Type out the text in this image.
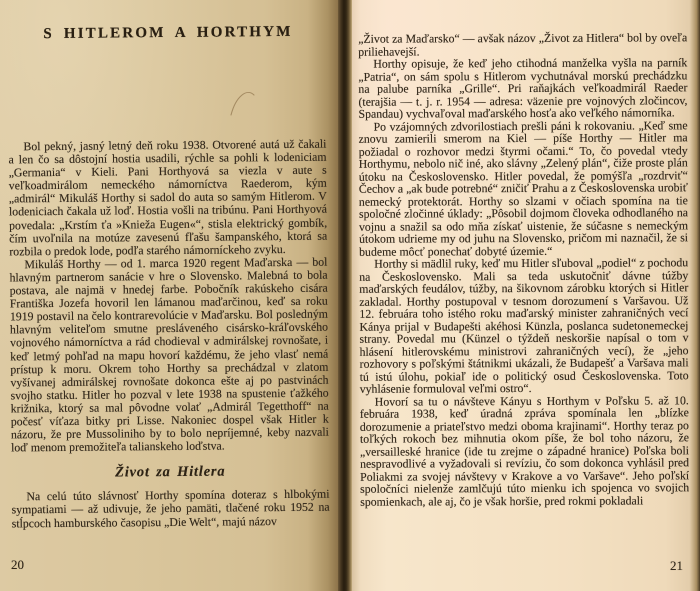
S HITLEROM A HORTHYM

Bol pekný, jasný letný deň roku 1938. Otvorené autá už čakali a len čo sa dôstojní hostia usadili, rýchle sa pohli k lodeniciam „Germania“ v Kieli. Pani Horthyová sa viezla v aute s veľkoadmirálom nemeckého námorníctva Raederom, kým „admirál“ Mikuláš Horthy si sadol do auta so samým Hitlerom. V lodeniciach čakala už loď. Hostia vošli na tribúnu. Pani Horthyová povedala: „Krstím ťa »Knieža Eugen«“, stisla elektrický gombík, čím uvoľnila na motúze zavesenú fľašu šampanského, ktorá sa rozbila o predok lode, podľa starého námorníckeho zvyku.

Mikuláš Horthy — od 1. marca 1920 regent Maďarska — bol hlavným partnerom sanácie v hre o Slovensko. Malebná to bola postava, ale najmä v hnedej farbe. Pobočník rakúskeho cisára Františka Jozefa hovoril len lámanou maďarčinou, keď sa roku 1919 postavil na čelo kontrarevolúcie v Maďarsku. Bol posledným hlavným veliteľom smutne presláveného cisársko-kráľovského vojnového námorníctva a rád chodieval v admirálskej rovnošate, i keď letmý pohľad na mapu hovorí každému, že jeho vlasť nemá prístup k moru. Okrem toho Horthy sa prechádzal v zlatom vyšívanej admirálskej rovnošate dokonca ešte aj po pastvinách svojho statku. Hitler ho pozval v lete 1938 na spustenie ťažkého križnika, ktorý sa mal pôvodne volať „Admirál Tegetthoff“ na počesť víťaza bitky pri Lisse. Nakoniec dospel však Hitler k názoru, že pre Mussoliniho by to bolo nepríjemné, keby nazvali loď menom premožiteľa talianskeho loďstva.

Život za Hitlera

Na celú túto slávnosť Horthy spomína doteraz s hlbokými sympatiami — až udivuje, že jeho pamäti, tlačené roku 1952 na stĺpcoch hamburského časopisu „Die Welt“, majú názov

20

„Život za Maďarsko“ — avšak názov „Život za Hitlera“ bol by oveľa priliehavejší.

Horthy opisuje, že keď jeho ctihodná manželka vyšla na parník „Patria“, on sám spolu s Hitlerom vychutnával morskú prechádzku na palube parníka „Grille“. Pri raňajkách veľkoadmirál Raeder (terajšia — t. j. r. 1954 — adresa: väzenie pre vojnových zločincov, Spandau) vychvaľoval maďarského hosťa ako veľkého námorníka.

Po vzájomných zdvorilostiach prešli páni k rokovaniu. „Keď sme znovu zamierili smerom na Kiel — píše Horthy — Hitler ma požiadal o rozhovor medzi štyrmi očami.“ To, čo povedal vtedy Horthymu, nebolo nič iné, ako slávny „Zelený plán“, čiže proste plán útoku na Československo. Hitler povedal, že pomýšľa „rozdrviť“ Čechov a „ak bude potrebné“ zničiť Prahu a z Československa urobiť nemecký protektorát. Horthy so slzami v očiach spomína na tie spoločné zločinné úklady: „Pôsobil dojmom človeka odhodlaného na vojnu a snažil sa odo mňa získať uistenie, že súčasne s nemeckým útokom udrieme my od juhu na Slovensko, pričom mi naznačil, že si budeme môcť ponechať dobyté územie.“

Horthy si mädlil ruky, keď mu Hitler sľuboval „podiel“ z pochodu na Československo. Mali sa teda uskutočniť dávne túžby maďarských feudálov, túžby, na šikovnom zárobku ktorých si Hitler zakladal. Horthy postupoval v tesnom dorozumení s Varšavou. Už 12. februára toho istého roku maďarský minister zahraničných vecí Kánya prijal v Budapešti akéhosi Künzla, poslanca sudetonemeckej strany. Povedal mu (Künzel o týždeň neskoršie napísal o tom v hlásení hitlerovskému ministrovi zahraničných vecí), že „jeho rozhovory s poľskými štátnikmi ukázali, že Budapešť a Varšava mali tú istú úlohu, pokiaľ ide o politický osud Československa. Toto vyhlásenie formuloval veľmi ostro“.

Hovorí sa tu o návšteve Kányu s Horthym v Poľsku 5. až 10. februára 1938, keď úradná zpráva spomínala len „blízke dorozumenie a priateľstvo medzi oboma krajinami“. Horthy teraz po toľkých rokoch bez mihnutia okom píše, že bol toho názoru, že „versailleské hranice (ide tu zrejme o západné hranice) Poľska boli nespravodlivé a vyžadovali si revíziu, čo som dokonca vyhlásil pred Poliakmi za svojej návštevy v Krakove a vo Varšave“. Jeho poľskí spoločníci nielenže zamlčujú túto mienku ich spojenca vo svojich spomienkach, ale aj, čo je však horšie, pred rokmi pokladali

21
